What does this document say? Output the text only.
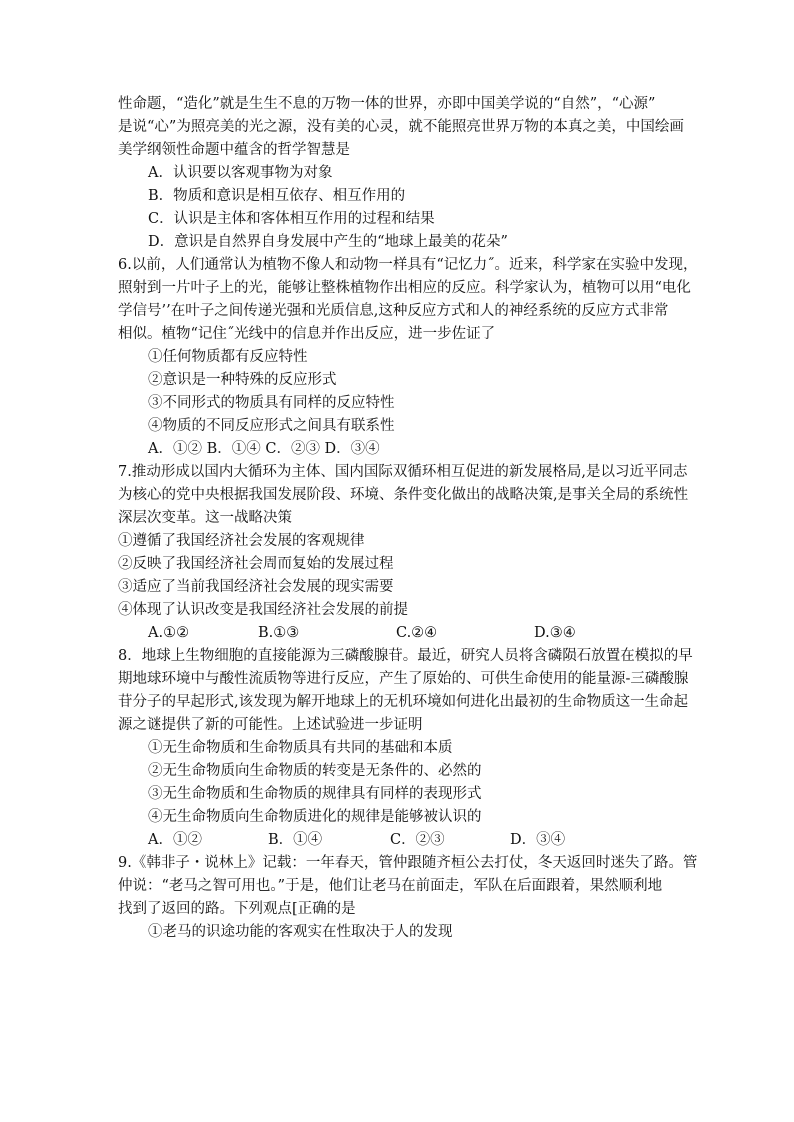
性命题，“造化”就是生生不息的万物一体的世界，亦即中国美学说的“自然”，“心源”
是说“心”为照亮美的光之源，没有美的心灵，就不能照亮世界万物的本真之美，中国绘画
美学纲领性命题中蕴含的哲学智慧是
A．认识要以客观事物为对象
B．物质和意识是相互依存、相互作用的
C．认识是主体和客体相互作用的过程和结果
D．意识是自然界自身发展中产生的“地球上最美的花朵”
6.以前，人们通常认为植物不像人和动物一样具有“记忆力˝。近来，科学家在实验中发现，
照射到一片叶子上的光，能够让整株植物作出相应的反应。科学家认为，植物可以用“电化
学信号’’在叶子之间传递光强和光质信息,这种反应方式和人的神经系统的反应方式非常
相似。植物“记住˝光线中的信息并作出反应，进一步佐证了
①任何物质都有反应特性
②意识是一种特殊的反应形式
③不同形式的物质具有同样的反应特性
④物质的不同反应形式之间具有联系性
A．①② B．①④ C．②③ D．③④
7.推动形成以国内大循环为主体、国内国际双循环相互促进的新发展格局,是以习近平同志
为核心的党中央根据我国发展阶段、环境、条件变化做出的战略决策,是事关全局的系统性
深层次变革。这一战略决策
①遵循了我国经济社会发展的客观规律
②反映了我国经济社会周而复始的发展过程
③适应了当前我国经济社会发展的现实需要
④体现了认识改变是我国经济社会发展的前提
A.①②	B.①③	C.②④	D.③④
8．地球上生物细胞的直接能源为三磷酸腺苷。最近，研究人员将含磷陨石放置在模拟的早
期地球环境中与酸性流质物等进行反应，产生了原始的、可供生命使用的能量源-三磷酸腺
苷分子的早起形式,该发现为解开地球上的无机环境如何进化出最初的生命物质这一生命起
源之谜提供了新的可能性。上述试验进一步证明
①无生命物质和生命物质具有共同的基础和本质
②无生命物质向生命物质的转变是无条件的、必然的
③无生命物质和生命物质的规律具有同样的表现形式
④无生命物质向生命物质进化的规律是能够被认识的
A．①②	B．①④	C．②③	D．③④
9.《韩非子・说林上》记载：一年春天，管仲跟随齐桓公去打仗，冬天返回时迷失了路。管
仲说：“老马之智可用也。”于是，他们让老马在前面走，军队在后面跟着，果然顺利地
找到了返回的路。下列观点[正确的是
①老马的识途功能的客观实在性取决于人的发现
